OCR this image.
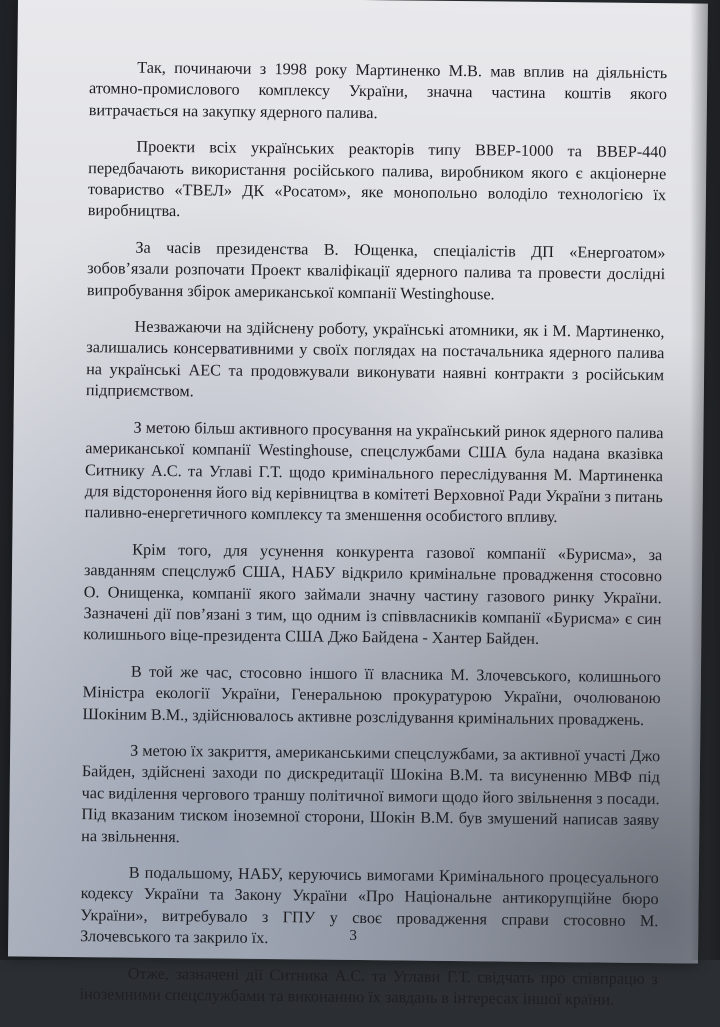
Так, починаючи з 1998 року Мартиненко М.В. мав вплив на діяльність атомно-промислового комплексу України, значна частина коштів якого витрачається на закупку ядерного палива.

Проекти всіх українських реакторів типу ВВЕР-1000 та ВВЕР-440 передбачають використання російського палива, виробником якого є акціонерне товариство «ТВЕЛ» ДК «Росатом», яке монопольно володіло технологією їх виробництва.

За часів президенства В. Ющенка, спеціалістів ДП «Енергоатом» зобов’язали розпочати Проект кваліфікації ядерного палива та провести дослідні випробування збірок американської компанії Westinghouse.

Незважаючи на здійснену роботу, українські атомники, як і М. Мартиненко, залишались консервативними у своїх поглядах на постачальника ядерного палива на українські АЕС та продовжували виконувати наявні контракти з російським підприємством.

З метою більш активного просування на український ринок ядерного палива американської компанії Westinghouse, спецслужбами США була надана вказівка Ситнику А.С. та Углаві Г.Т. щодо кримінального переслідування М. Мартиненка для відсторонення його від керівництва в комітеті Верховної Ради України з питань паливно-енергетичного комплексу та зменшення особистого впливу.

Крім того, для усунення конкурента газової компанії «Бурисма», за завданням спецслужб США, НАБУ відкрило кримінальне провадження стосовно О. Онищенка, компанії якого займали значну частину газового ринку України. Зазначені дії пов’язані з тим, що одним із співвласників компанії «Бурисма» є син колишнього віце-президента США Джо Байдена - Хантер Байден.

В той же час, стосовно іншого її власника М. Злочевського, колишнього Міністра екології України, Генеральною прокуратурою України, очолюваною Шокіним В.М., здійснювалось активне розслідування кримінальних проваджень.

З метою їх закриття, американськими спецслужбами, за активної участі Джо Байден, здійснені заходи по дискредитації Шокіна В.М. та висуненню МВФ під час виділення чергового траншу політичної вимоги щодо його звільнення з посади. Під вказаним тиском іноземної сторони, Шокін В.М. був змушений написав заяву на звільнення.

В подальшому, НАБУ, керуючись вимогами Кримінального процесуального кодексу України та Закону України «Про Національне антикорупційне бюро України», витребувало з ГПУ у своє провадження справи стосовно М. Злочевського та закрило їх.

Отже, зазначені дії Ситника А.С. та Углави Г.Т. свідчать про співпрацю з іноземними спецслужбами та виконанню їх завдань в інтересах іншої країни.

3
